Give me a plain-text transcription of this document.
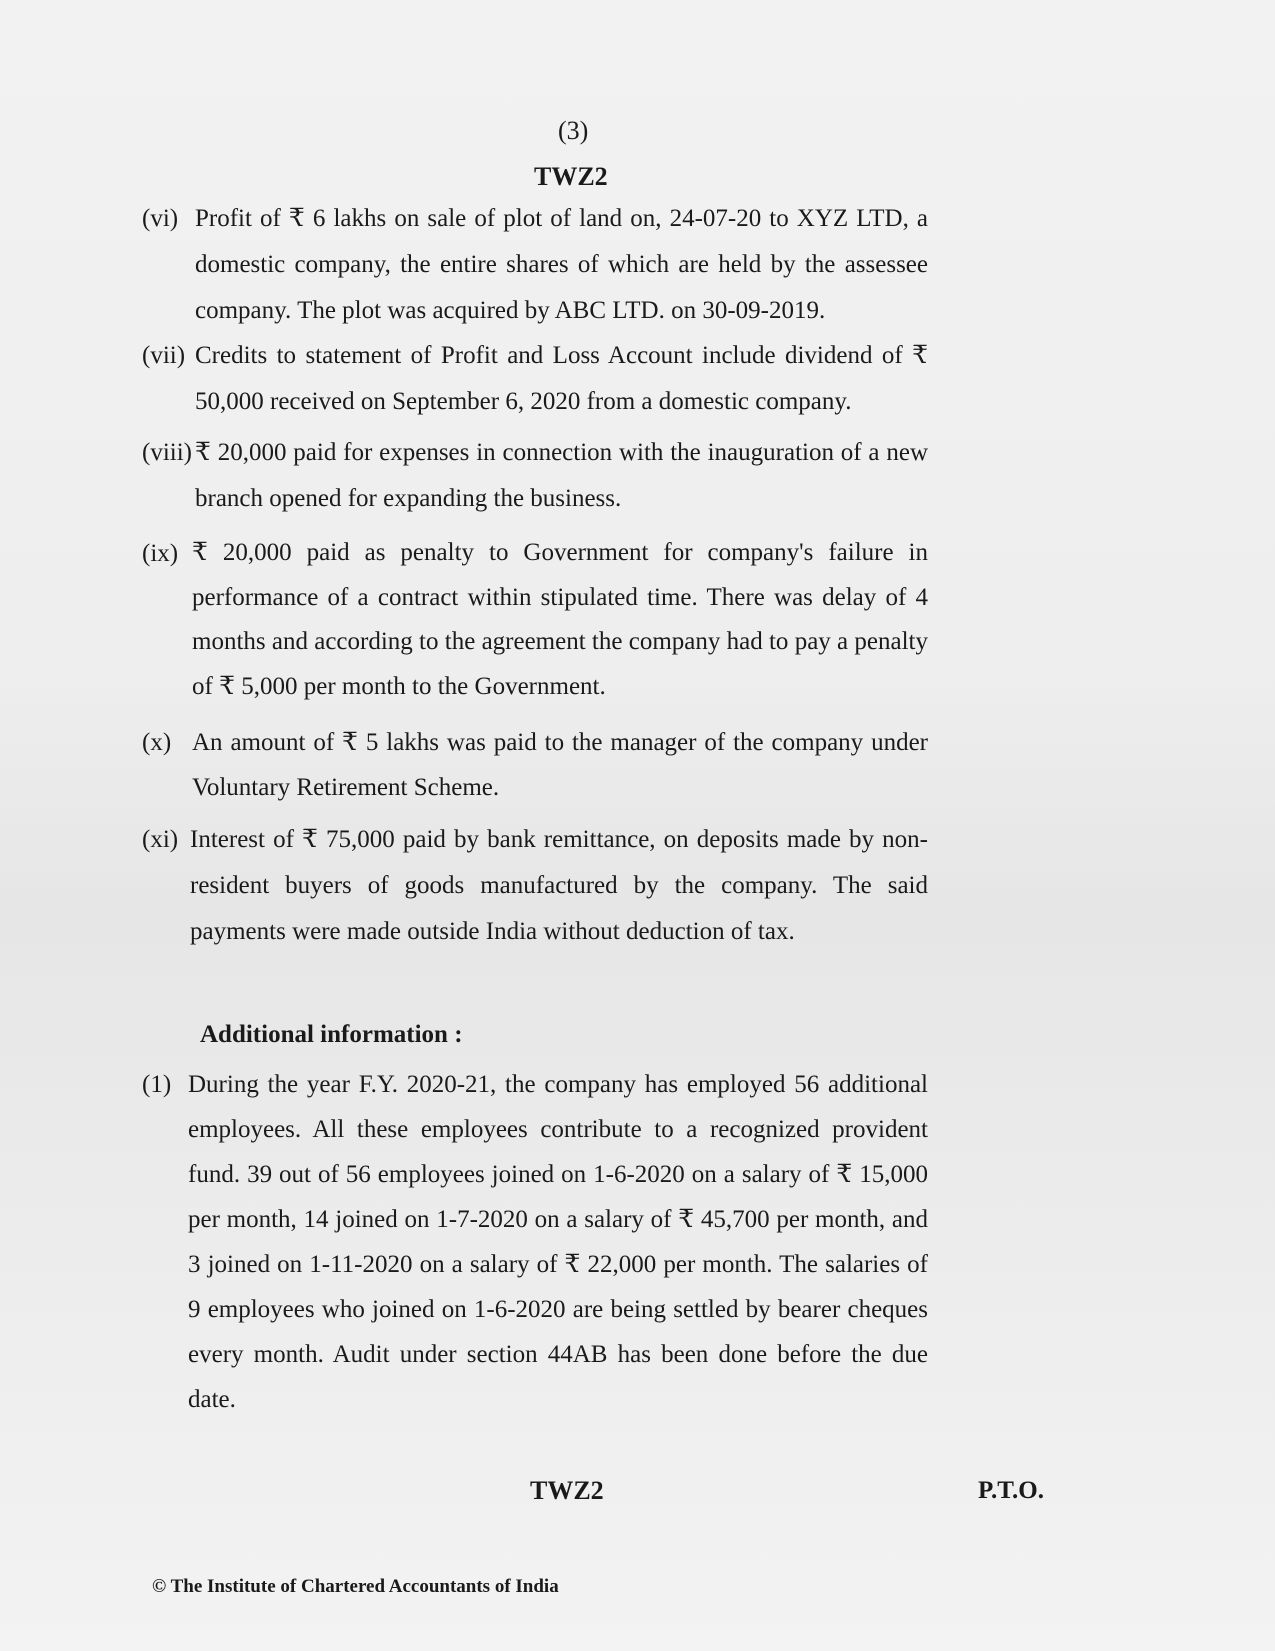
(3)
TWZ2
(vi) Profit of ₹ 6 lakhs on sale of plot of land on, 24-07-20 to XYZ LTD, a domestic company, the entire shares of which are held by the assessee company. The plot was acquired by ABC LTD. on 30-09-2019.

(vii) Credits to statement of Profit and Loss Account include dividend of ₹ 50,000 received on September 6, 2020 from a domestic company.

(viii) ₹ 20,000 paid for expenses in connection with the inauguration of a new branch opened for expanding the business.

(ix) ₹ 20,000 paid as penalty to Government for company's failure in performance of a contract within stipulated time. There was delay of 4 months and according to the agreement the company had to pay a penalty of ₹ 5,000 per month to the Government.

(x) An amount of ₹ 5 lakhs was paid to the manager of the company under Voluntary Retirement Scheme.

(xi) Interest of ₹ 75,000 paid by bank remittance, on deposits made by non-resident buyers of goods manufactured by the company. The said payments were made outside India without deduction of tax.

Additional information :
(1) During the year F.Y. 2020-21, the company has employed 56 additional employees. All these employees contribute to a recognized provident fund. 39 out of 56 employees joined on 1-6-2020 on a salary of ₹ 15,000 per month, 14 joined on 1-7-2020 on a salary of ₹ 45,700 per month, and 3 joined on 1-11-2020 on a salary of ₹ 22,000 per month. The salaries of 9 employees who joined on 1-6-2020 are being settled by bearer cheques every month. Audit under section 44AB has been done before the due date.

TWZ2	P.T.O.
© The Institute of Chartered Accountants of India
